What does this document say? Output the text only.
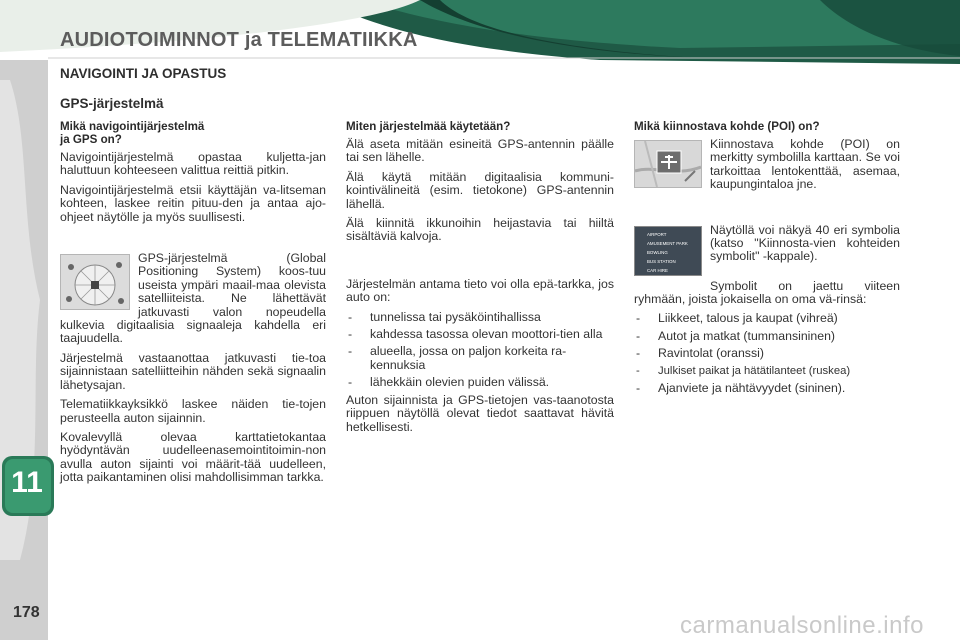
AUDIOTOIMINNOT ja TELEMATIIKKA
NAVIGOINTI JA OPASTUS
GPS-järjestelmä
Mikä navigointijärjestelmä
ja GPS on?

Navigointijärjestelmä opastaa kuljetta-jan haluttuun kohteeseen valittua reittiä pitkin.

Navigointijärjestelmä etsii käyttäjän va-litseman kohteen, laskee reitin pituu-den ja antaa ajo-ohjeet näytölle ja myös suullisesti.

GPS-järjestelmä (Global Positioning System) koos-tuu useista ympäri maail-maa olevista satelliiteista. Ne lähettävät jatkuvasti valon nopeudella kulkevia digitaalisia signaaleja kahdella eri taajuudella.

Järjestelmä vastaanottaa jatkuvasti tie-toa sijainnistaan satelliitteihin nähden sekä signaalin lähetysajan.

Telematiikkayksikkö laskee näiden tie-tojen perusteella auton sijainnin.

Kovalevyllä olevaa karttatietokantaa hyödyntävän uudelleenasemointitoimin-non avulla auton sijainti voi määrit-tää uudelleen, jotta paikantaminen olisi mahdollisimman tarkka.

Miten järjestelmää käytetään?

Älä aseta mitään esineitä GPS-antennin päälle tai sen lähelle.

Älä käytä mitään digitaalisia kommuni-kointivälineitä (esim. tietokone) GPS-antennin lähellä.

Älä kiinnitä ikkunoihin heijastavia tai hiiltä sisältäviä kalvoja.

Järjestelmän antama tieto voi olla epä-tarkka, jos auto on:

- tunnelissa tai pysäköintihallissa
- kahdessa tasossa olevan moottori-tien alla
- alueella, jossa on paljon korkeita ra-kennuksia
- lähekkäin olevien puiden välissä.

Auton sijainnista ja GPS-tietojen vas-taanotosta riippuen näytöllä olevat tiedot saattavat hävitä hetkellisesti.

Mikä kiinnostava kohde (POI) on?

Kiinnostava kohde (POI) on merkitty symbolilla karttaan. Se voi tarkoittaa lentokenttää, asemaa, kaupungintaloa jne.

AIRPORT
AMUSEMENT PARK
BOWLING
BUS STATION
CAR HIRE

Näytöllä voi näkyä 40 eri symbolia (katso "Kiinnosta-vien kohteiden symbolit" -kappale).

Symbolit on jaettu viiteen ryhmään, joista jokaisella on oma vä-rinsä:

- Liikkeet, talous ja kaupat (vihreä)
- Autot ja matkat (tummansininen)
- Ravintolat (oranssi)
- Julkiset paikat ja hätätilanteet (ruskea)
- Ajanviete ja nähtävyydet (sininen).
11
178	carmanualsonline.info
